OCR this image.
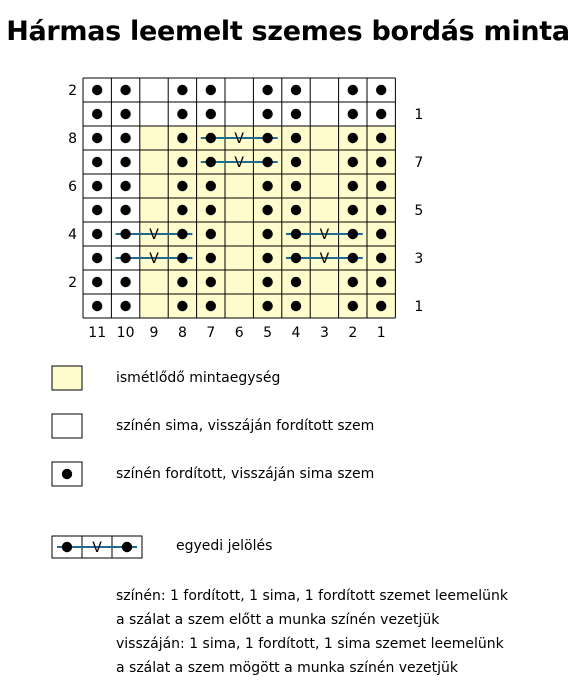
Hármas leemelt szemes bordás minta
V
V
V	V
V	V
11 10 9 8 7 6 5 4 3 2 1
2
8
6
4
2
1
7
5
3
1
V
ismétlődő mintaegység
színén sima, visszáján fordított szem
színén fordított, visszáján sima szem
egyedi jelölés
színén: 1 fordított, 1 sima, 1 fordított szemet leemelünk
a szálat a szem előtt a munka színén vezetjük
visszáján: 1 sima, 1 fordított, 1 sima szemet leemelünk
a szálat a szem mögött a munka színén vezetjük
